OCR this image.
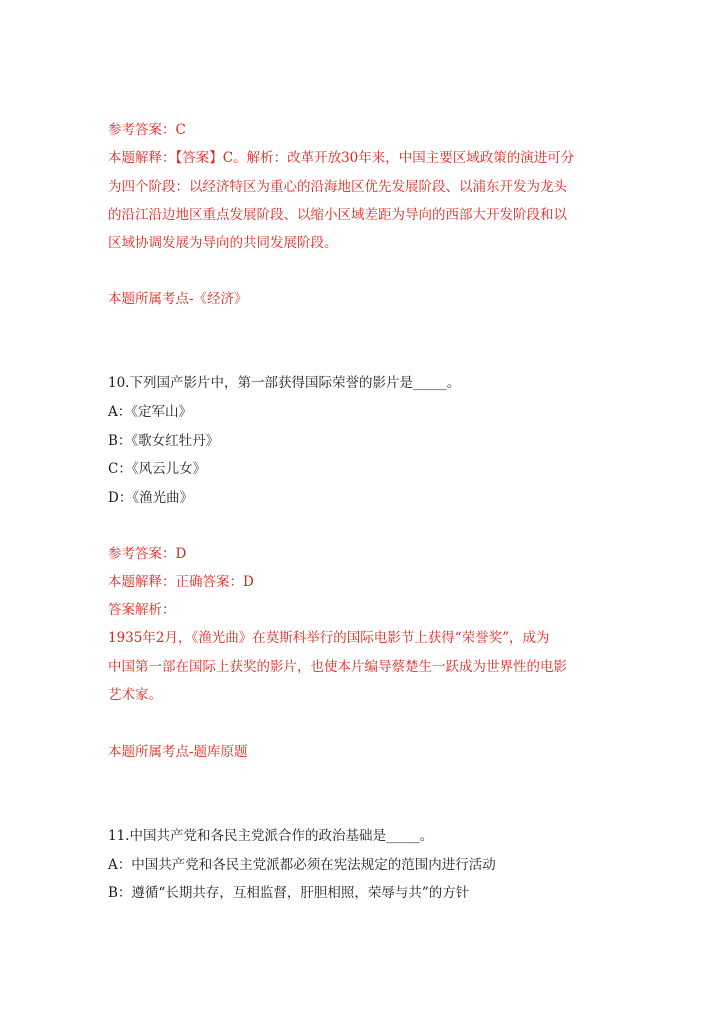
参考答案：C
本题解释：【答案】C。解析：改革开放30年来，中国主要区域政策的演进可分
为四个阶段：以经济特区为重心的沿海地区优先发展阶段、以浦东开发为龙头
的沿江沿边地区重点发展阶段、以缩小区域差距为导向的西部大开发阶段和以
区域协调发展为导向的共同发展阶段。
本题所属考点-《经济》
10.下列国产影片中，第一部获得国际荣誉的影片是_____。
A：《定军山》
B：《歌女红牡丹》
C：《风云儿女》
D：《渔光曲》
参考答案：D
本题解释：正确答案：D
答案解析：
1935年2月，《渔光曲》在莫斯科举行的国际电影节上获得“荣誉奖”，成为
中国第一部在国际上获奖的影片，也使本片编导蔡楚生一跃成为世界性的电影
艺术家。
本题所属考点-题库原题
11.中国共产党和各民主党派合作的政治基础是_____。
A：中国共产党和各民主党派都必须在宪法规定的范围内进行活动
B：遵循“长期共存，互相监督，肝胆相照，荣辱与共”的方针
